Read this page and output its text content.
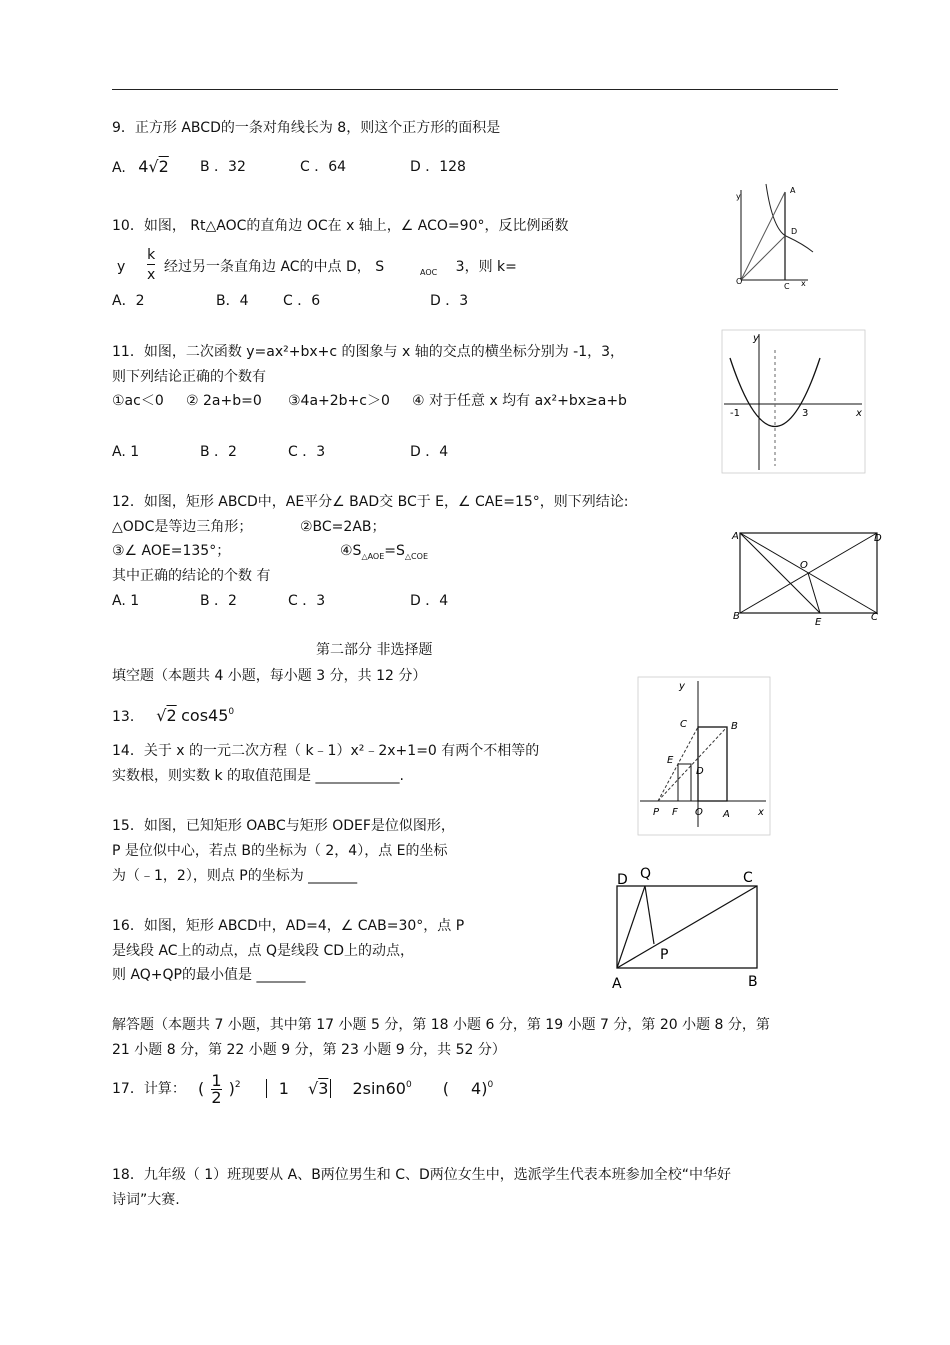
9．正方形 ABCD的一条对角线长为 8，则这个正方形的面积是
A. 4√2 B ．32	C ．64	D ．128
10．如图， Rt△AOC的直角边 OC在 x 轴上，∠ ACO=90°，反比例函数
y
k
x 经过另一条直角边 AC的中点 D， S	$_{AOC}$ 3，则 k=
A．2	B．4 C ．6	D ．3
y
A
D
O
C x
11．如图，二次函数 y=ax²+bx+c 的图象与 x 轴的交点的横坐标分别为 -1，3，
则下列结论正确的个数有
①ac＜0 ② 2a+b=0 ③4a+2b+c＞0 ④ 对于任意 x 均有 ax²+bx≥a+b
A. 1	B ．2	C ．3	D ．4
y
x
-1	3
12．如图，矩形 ABCD中，AE平分∠ BAD交 BC于 E，∠ CAE=15°，则下列结论:
△ODC是等边三角形；	②BC=2AB；
③∠ AOE=135°；	$④S_{\triangle AOE}=S_{\triangle COE}$
其中正确的结论的个数 有
A. 1	B ．2	C ．3	D ．4
A	D
O
B
E	C
第二部分 非选择题
填空题（本题共 4 小题，每小题 3 分，共 12 分）
13． √2 $\cos 45^0$
14．关于 x 的一元二次方程（ k﹣1）x²﹣2x+1=0 有两个不相等的
实数根，则实数 k 的取值范围是 ____________.
y
C	B
E
D
P F O A	x
15．如图，已知矩形 OABC与矩形 ODEF是位似图形，
P 是位似中心，若点 B的坐标为（ 2，4），点 E的坐标
为（﹣1，2），则点 P的坐标为 _______
16．如图，矩形 ABCD中，AD=4，∠ CAB=30°，点 P
是线段 AC上的动点，点 Q是线段 CD上的动点，
则 AQ+QP的最小值是 _______
D Q	C
P
A	B
解答题（本题共 7 小题，其中第 17 小题 5 分，第 18 小题 6 分，第 19 小题 7 分，第 20 小题 8 分，第
21 小题 8 分，第 22 小题 9 分，第 23 小题 9 分，共 52 分）
17．计算： ( $\frac{1}{2} )^2$ 1 √3 $2\sin 60^0$ ( 4)$^0$
18．九年级（ 1）班现要从 A、B两位男生和 C、D两位女生中，选派学生代表本班参加全校“中华好
诗词”大赛.
